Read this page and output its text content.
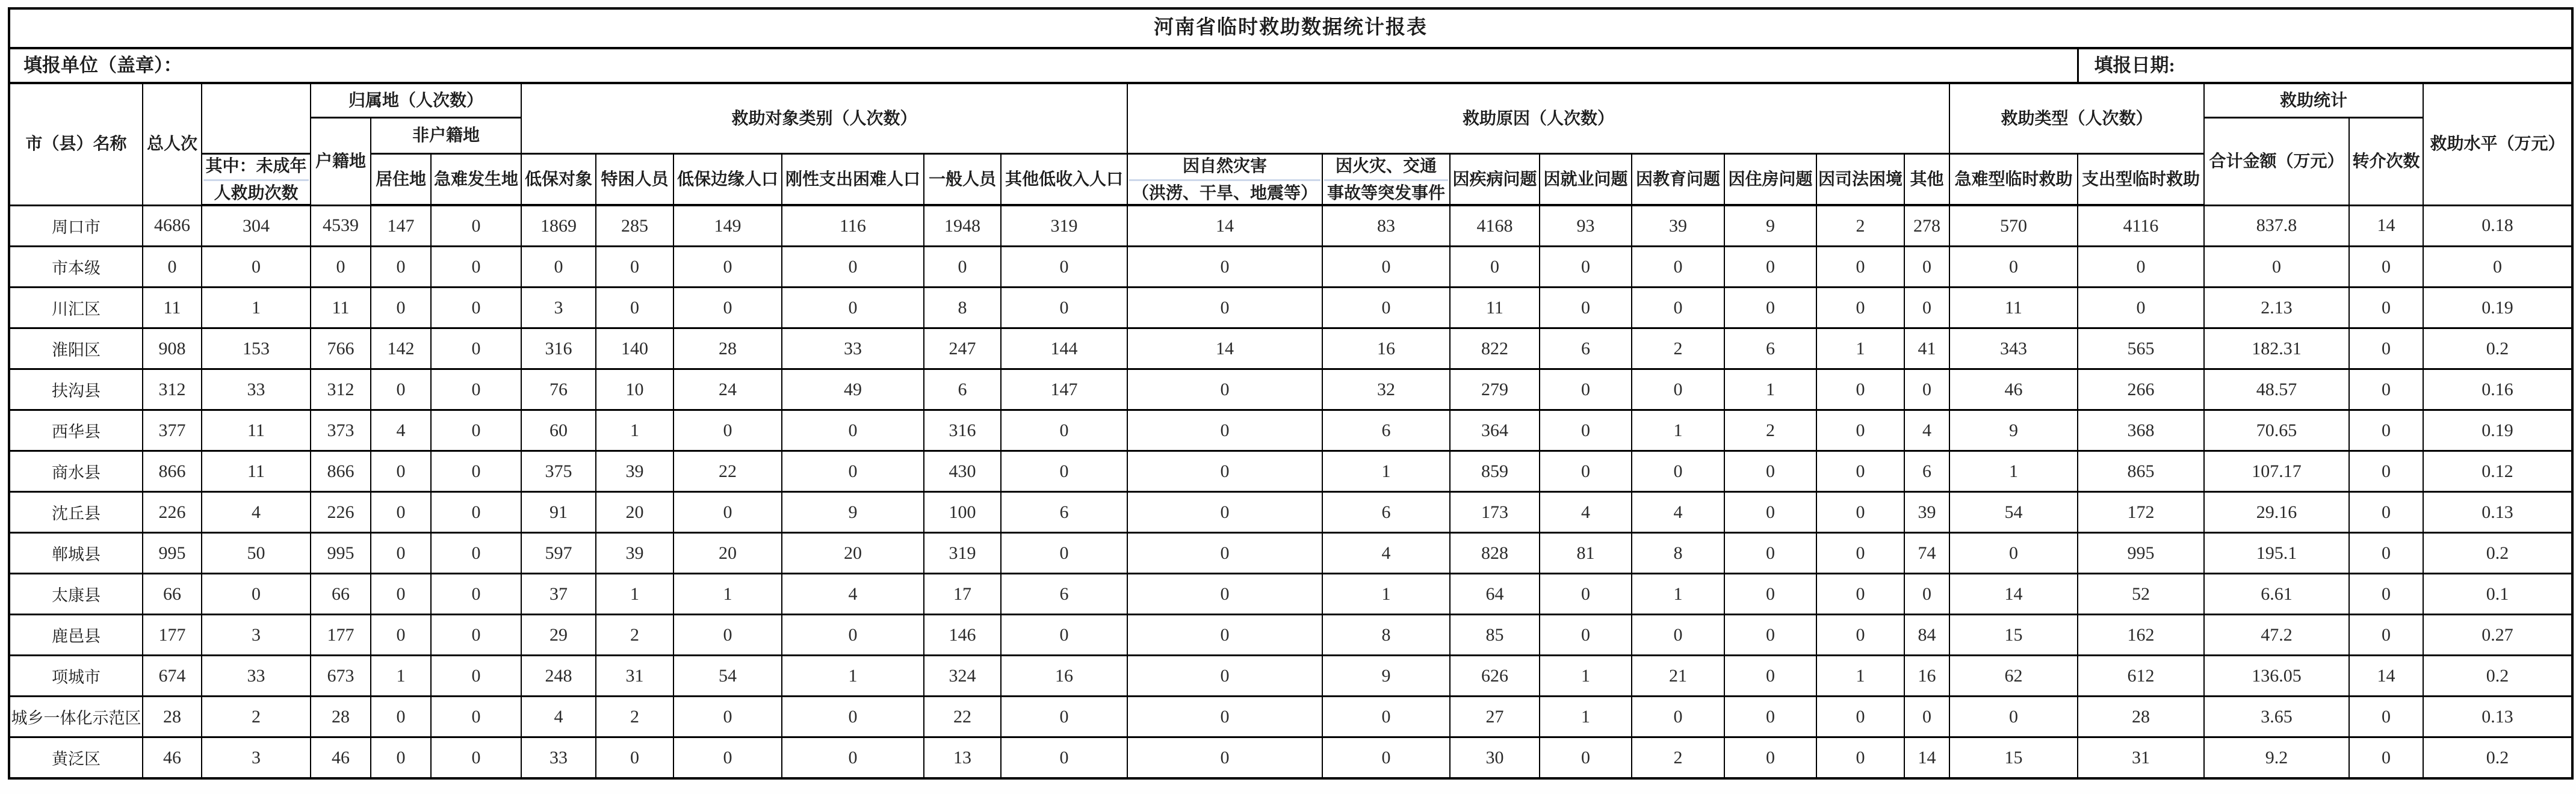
河南省临时救助数据统计报表																								
填报单位（盖章）：																					填报日期:			
市（县）名称	总人次		归属地（人次数）			救助对象类别（人次数）						救助原因（人次数）								救助类型（人次数）		救助统计		救助水平（万元）
			户籍地	非户籍地																		合计金额（万元）	转介次数	

		其中：未成年
人救助次数		居住地	急难发生地	低保对象	特困人员	低保边缘人口	刚性支出困难人口	一般人员	其他低收入人口	因自然灾害
（洪涝、干旱、地震等）	因火灾、交通
事故等突发事件	因疾病问题	因就业问题	因教育问题	因住房问题	因司法困境	其他	急难型临时救助	支出型临时救助			
周口市	4686	304	4539	147	0	1869	285	149	116	1948	319	14	83	4168	93	39	9	2	278	570	4116	837.8	14	0.18
市本级	0	0	0	0	0	0	0	0	0	0	0	0	0	0	0	0	0	0	0	0	0	0	0	0
川汇区	11	1	11	0	0	3	0	0	0	8	0	0	0	11	0	0	0	0	0	11	0	2.13	0	0.19
淮阳区	908	153	766	142	0	316	140	28	33	247	144	14	16	822	6	2	6	1	41	343	565	182.31	0	0.2
扶沟县	312	33	312	0	0	76	10	24	49	6	147	0	32	279	0	0	1	0	0	46	266	48.57	0	0.16
西华县	377	11	373	4	0	60	1	0	0	316	0	0	6	364	0	1	2	0	4	9	368	70.65	0	0.19
商水县	866	11	866	0	0	375	39	22	0	430	0	0	1	859	0	0	0	0	6	1	865	107.17	0	0.12
沈丘县	226	4	226	0	0	91	20	0	9	100	6	0	6	173	4	4	0	0	39	54	172	29.16	0	0.13
郸城县	995	50	995	0	0	597	39	20	20	319	0	0	4	828	81	8	0	0	74	0	995	195.1	0	0.2
太康县	66	0	66	0	0	37	1	1	4	17	6	0	1	64	0	1	0	0	0	14	52	6.61	0	0.1
鹿邑县	177	3	177	0	0	29	2	0	0	146	0	0	8	85	0	0	0	0	84	15	162	47.2	0	0.27
项城市	674	33	673	1	0	248	31	54	1	324	16	0	9	626	1	21	0	1	16	62	612	136.05	14	0.2
城乡一体化示范区	28	2	28	0	0	4	2	0	0	22	0	0	0	27	1	0	0	0	0	0	28	3.65	0	0.13
黄泛区	46	3	46	0	0	33	0	0	0	13	0	0	0	30	0	2	0	0	14	15	31	9.2	0	0.2
